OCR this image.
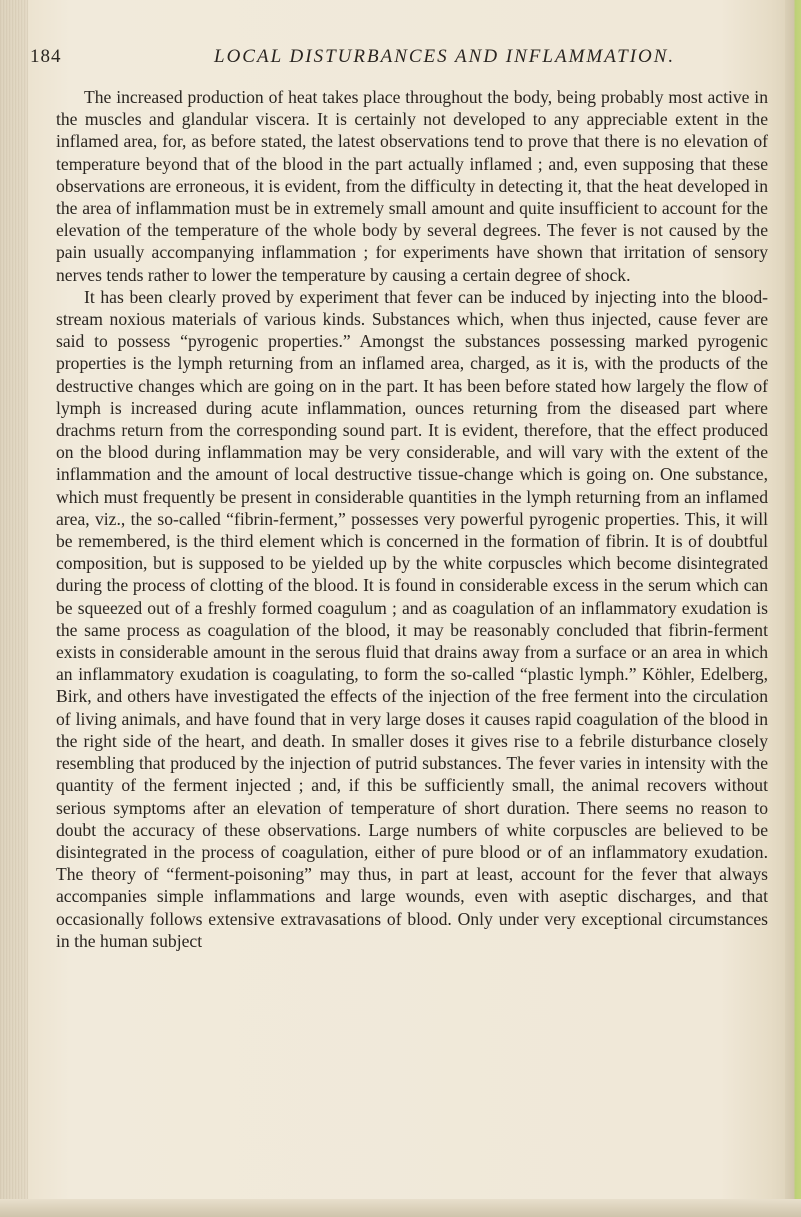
184	LOCAL DISTURBANCES AND INFLAMMATION.

The increased production of heat takes place throughout the body, being probably most active in the muscles and glandular viscera. It is certainly not developed to any appreciable extent in the inflamed area, for, as before stated, the latest observations tend to prove that there is no elevation of temperature beyond that of the blood in the part actually inflamed ; and, even supposing that these observations are erroneous, it is evident, from the difficulty in detecting it, that the heat developed in the area of inflammation must be in extremely small amount and quite insufficient to account for the elevation of the temperature of the whole body by several degrees. The fever is not caused by the pain usually accompanying inflammation ; for experiments have shown that irritation of sensory nerves tends rather to lower the temperature by causing a certain degree of shock.

It has been clearly proved by experiment that fever can be induced by injecting into the blood-stream noxious materials of various kinds. Substances which, when thus injected, cause fever are said to possess “pyrogenic properties.” Amongst the substances possessing marked pyrogenic properties is the lymph returning from an inflamed area, charged, as it is, with the products of the destructive changes which are going on in the part. It has been before stated how largely the flow of lymph is increased during acute inflammation, ounces returning from the diseased part where drachms return from the corresponding sound part. It is evident, therefore, that the effect produced on the blood during inflammation may be very considerable, and will vary with the extent of the inflammation and the amount of local destructive tissue-change which is going on. One substance, which must frequently be present in considerable quantities in the lymph returning from an inflamed area, viz., the so-called “fibrin-ferment,” possesses very powerful pyrogenic properties. This, it will be remembered, is the third element which is concerned in the formation of fibrin. It is of doubtful composition, but is supposed to be yielded up by the white corpuscles which become disintegrated during the process of clotting of the blood. It is found in considerable excess in the serum which can be squeezed out of a freshly formed coagulum ; and as coagulation of an inflammatory exudation is the same process as coagulation of the blood, it may be reasonably concluded that fibrin-ferment exists in considerable amount in the serous fluid that drains away from a surface or an area in which an inflammatory exudation is coagulating, to form the so-called “plastic lymph.” Köhler, Edelberg, Birk, and others have investigated the effects of the injection of the free ferment into the circulation of living animals, and have found that in very large doses it causes rapid coagulation of the blood in the right side of the heart, and death. In smaller doses it gives rise to a febrile disturbance closely resembling that produced by the injection of putrid substances. The fever varies in intensity with the quantity of the ferment injected ; and, if this be sufficiently small, the animal recovers without serious symptoms after an elevation of temperature of short duration. There seems no reason to doubt the accuracy of these observations. Large numbers of white corpuscles are believed to be disintegrated in the process of coagulation, either of pure blood or of an inflammatory exudation. The theory of “ferment-poisoning” may thus, in part at least, account for the fever that always accompanies simple inflammations and large wounds, even with aseptic discharges, and that occasionally follows extensive extravasations of blood. Only under very exceptional circumstances in the human subject
